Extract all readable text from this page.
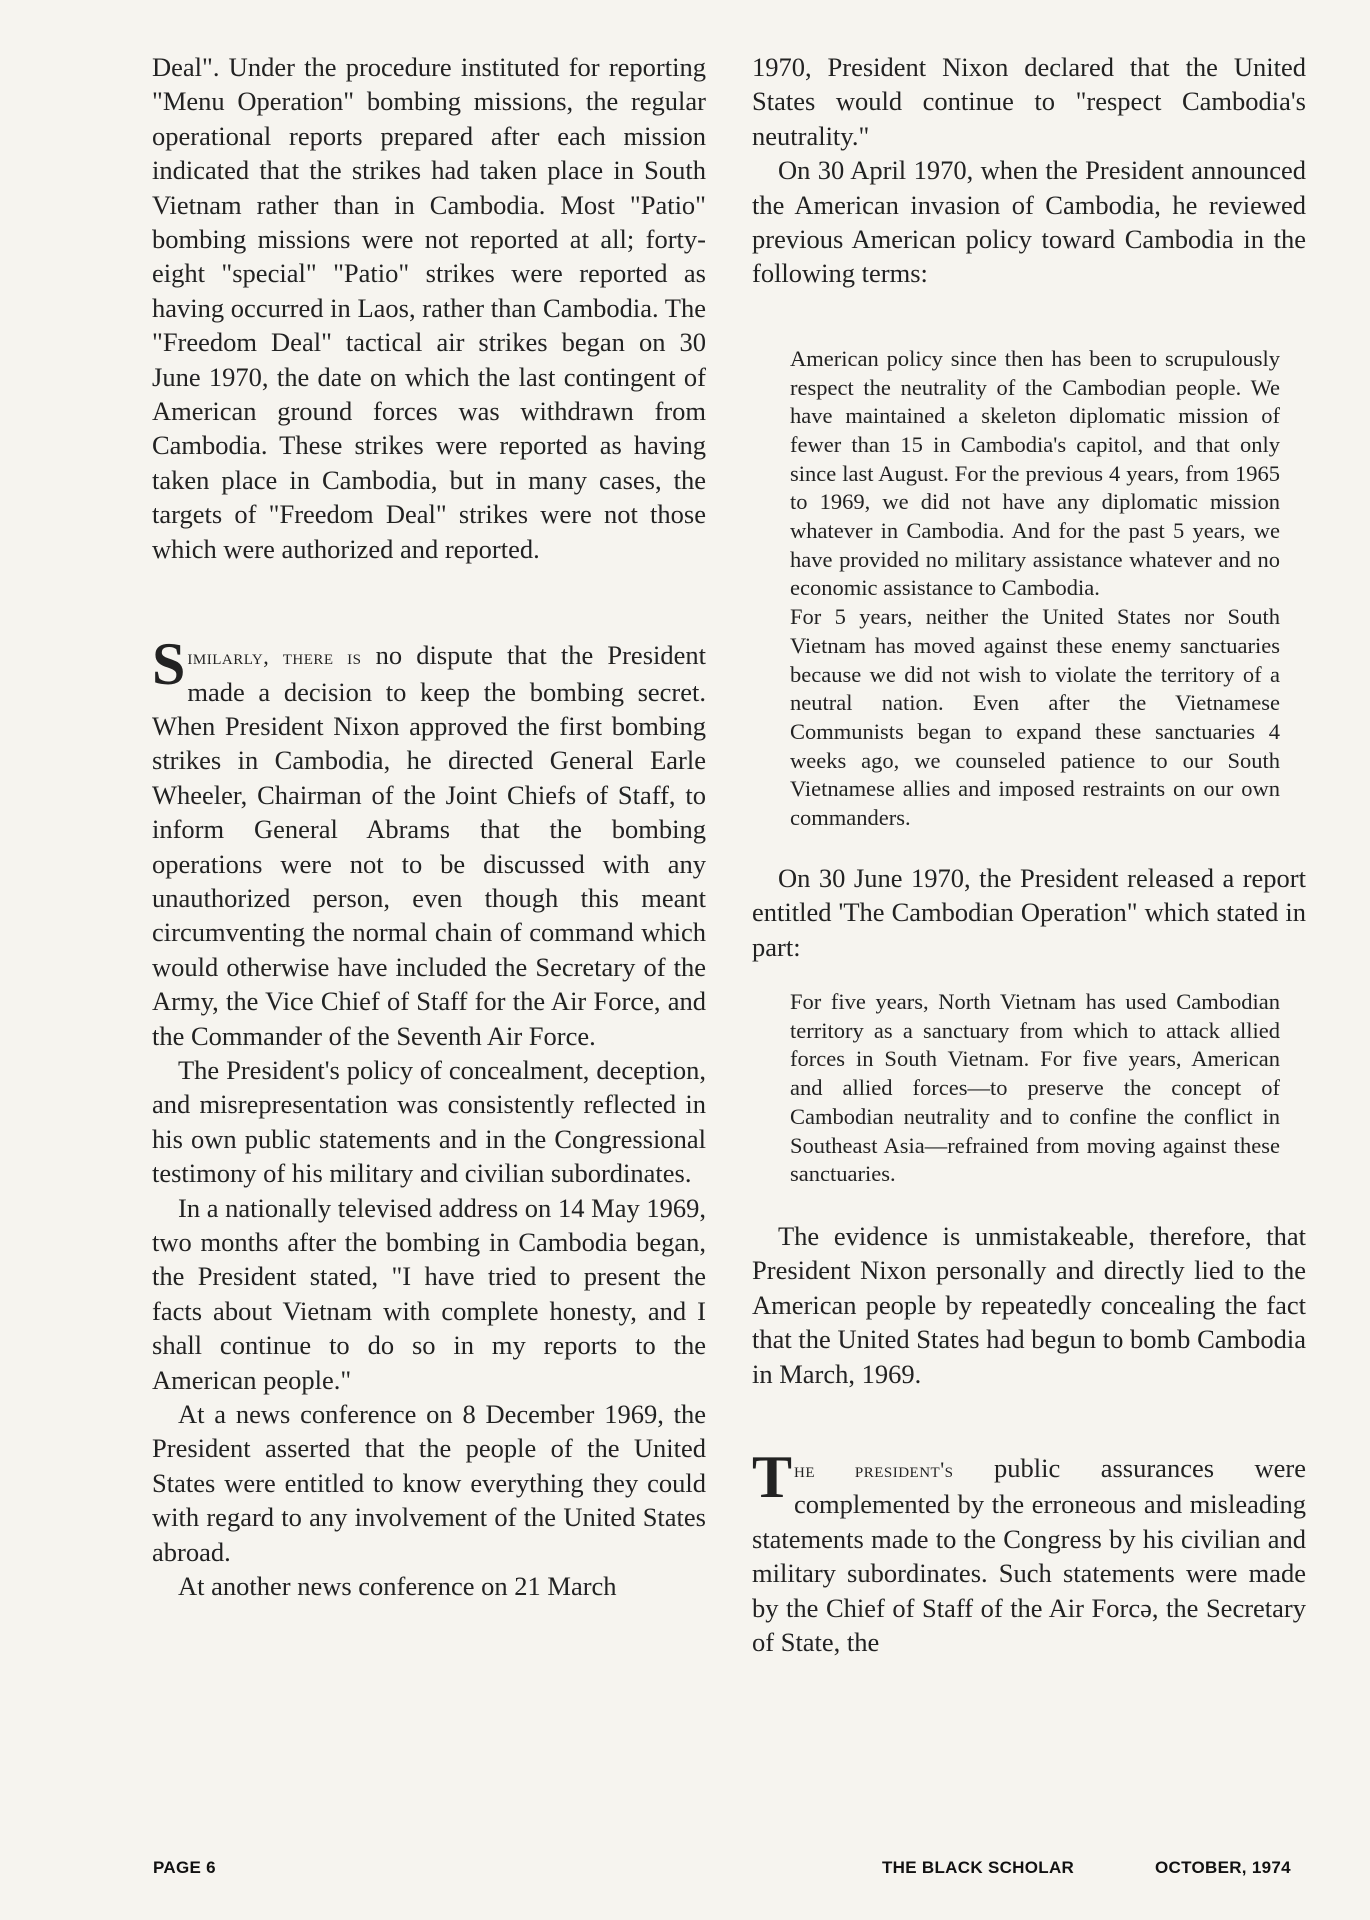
Deal". Under the procedure instituted for reporting "Menu Operation" bombing missions, the regular operational reports prepared after each mission indicated that the strikes had taken place in South Vietnam rather than in Cambodia. Most "Patio" bombing missions were not reported at all; forty-eight "special" "Patio" strikes were reported as having occurred in Laos, rather than Cambodia. The "Freedom Deal" tactical air strikes began on 30 June 1970, the date on which the last contingent of American ground forces was withdrawn from Cambodia. These strikes were reported as having taken place in Cambodia, but in many cases, the targets of "Freedom Deal" strikes were not those which were authorized and reported.

Similarly, there is no dispute that the President made a decision to keep the bombing secret. When President Nixon approved the first bombing strikes in Cambodia, he directed General Earle Wheeler, Chairman of the Joint Chiefs of Staff, to inform General Abrams that the bombing operations were not to be discussed with any unauthorized person, even though this meant circumventing the normal chain of command which would otherwise have included the Secretary of the Army, the Vice Chief of Staff for the Air Force, and the Commander of the Seventh Air Force.

The President's policy of concealment, deception, and misrepresentation was consistently reflected in his own public statements and in the Congressional testimony of his military and civilian subordinates.

In a nationally televised address on 14 May 1969, two months after the bombing in Cambodia began, the President stated, "I have tried to present the facts about Vietnam with complete honesty, and I shall continue to do so in my reports to the American people."

At a news conference on 8 December 1969, the President asserted that the people of the United States were entitled to know everything they could with regard to any involvement of the United States abroad.

At another news conference on 21 March

1970, President Nixon declared that the United States would continue to "respect Cambodia's neutrality."

On 30 April 1970, when the President announced the American invasion of Cambodia, he reviewed previous American policy toward Cambodia in the following terms:

American policy since then has been to scrupulously respect the neutrality of the Cambodian people. We have maintained a skeleton diplomatic mission of fewer than 15 in Cambodia's capitol, and that only since last August. For the previous 4 years, from 1965 to 1969, we did not have any diplomatic mission whatever in Cambodia. And for the past 5 years, we have provided no military assistance whatever and no economic assistance to Cambodia.

For 5 years, neither the United States nor South Vietnam has moved against these enemy sanctuaries because we did not wish to violate the territory of a neutral nation. Even after the Vietnamese Communists began to expand these sanctuaries 4 weeks ago, we counseled patience to our South Vietnamese allies and imposed restraints on our own commanders.

On 30 June 1970, the President released a report entitled 'The Cambodian Operation" which stated in part:

For five years, North Vietnam has used Cambodian territory as a sanctuary from which to attack allied forces in South Vietnam. For five years, American and allied forces—to preserve the concept of Cambodian neutrality and to confine the conflict in Southeast Asia—refrained from moving against these sanctuaries.

The evidence is unmistakeable, therefore, that President Nixon personally and directly lied to the American people by repeatedly concealing the fact that the United States had begun to bomb Cambodia in March, 1969.

The president's public assurances were complemented by the erroneous and misleading statements made to the Congress by his civilian and military subordinates. Such statements were made by the Chief of Staff of the Air Forcə, the Secretary of State, the

PAGE 6	THE BLACK SCHOLAR	OCTOBER, 1974
